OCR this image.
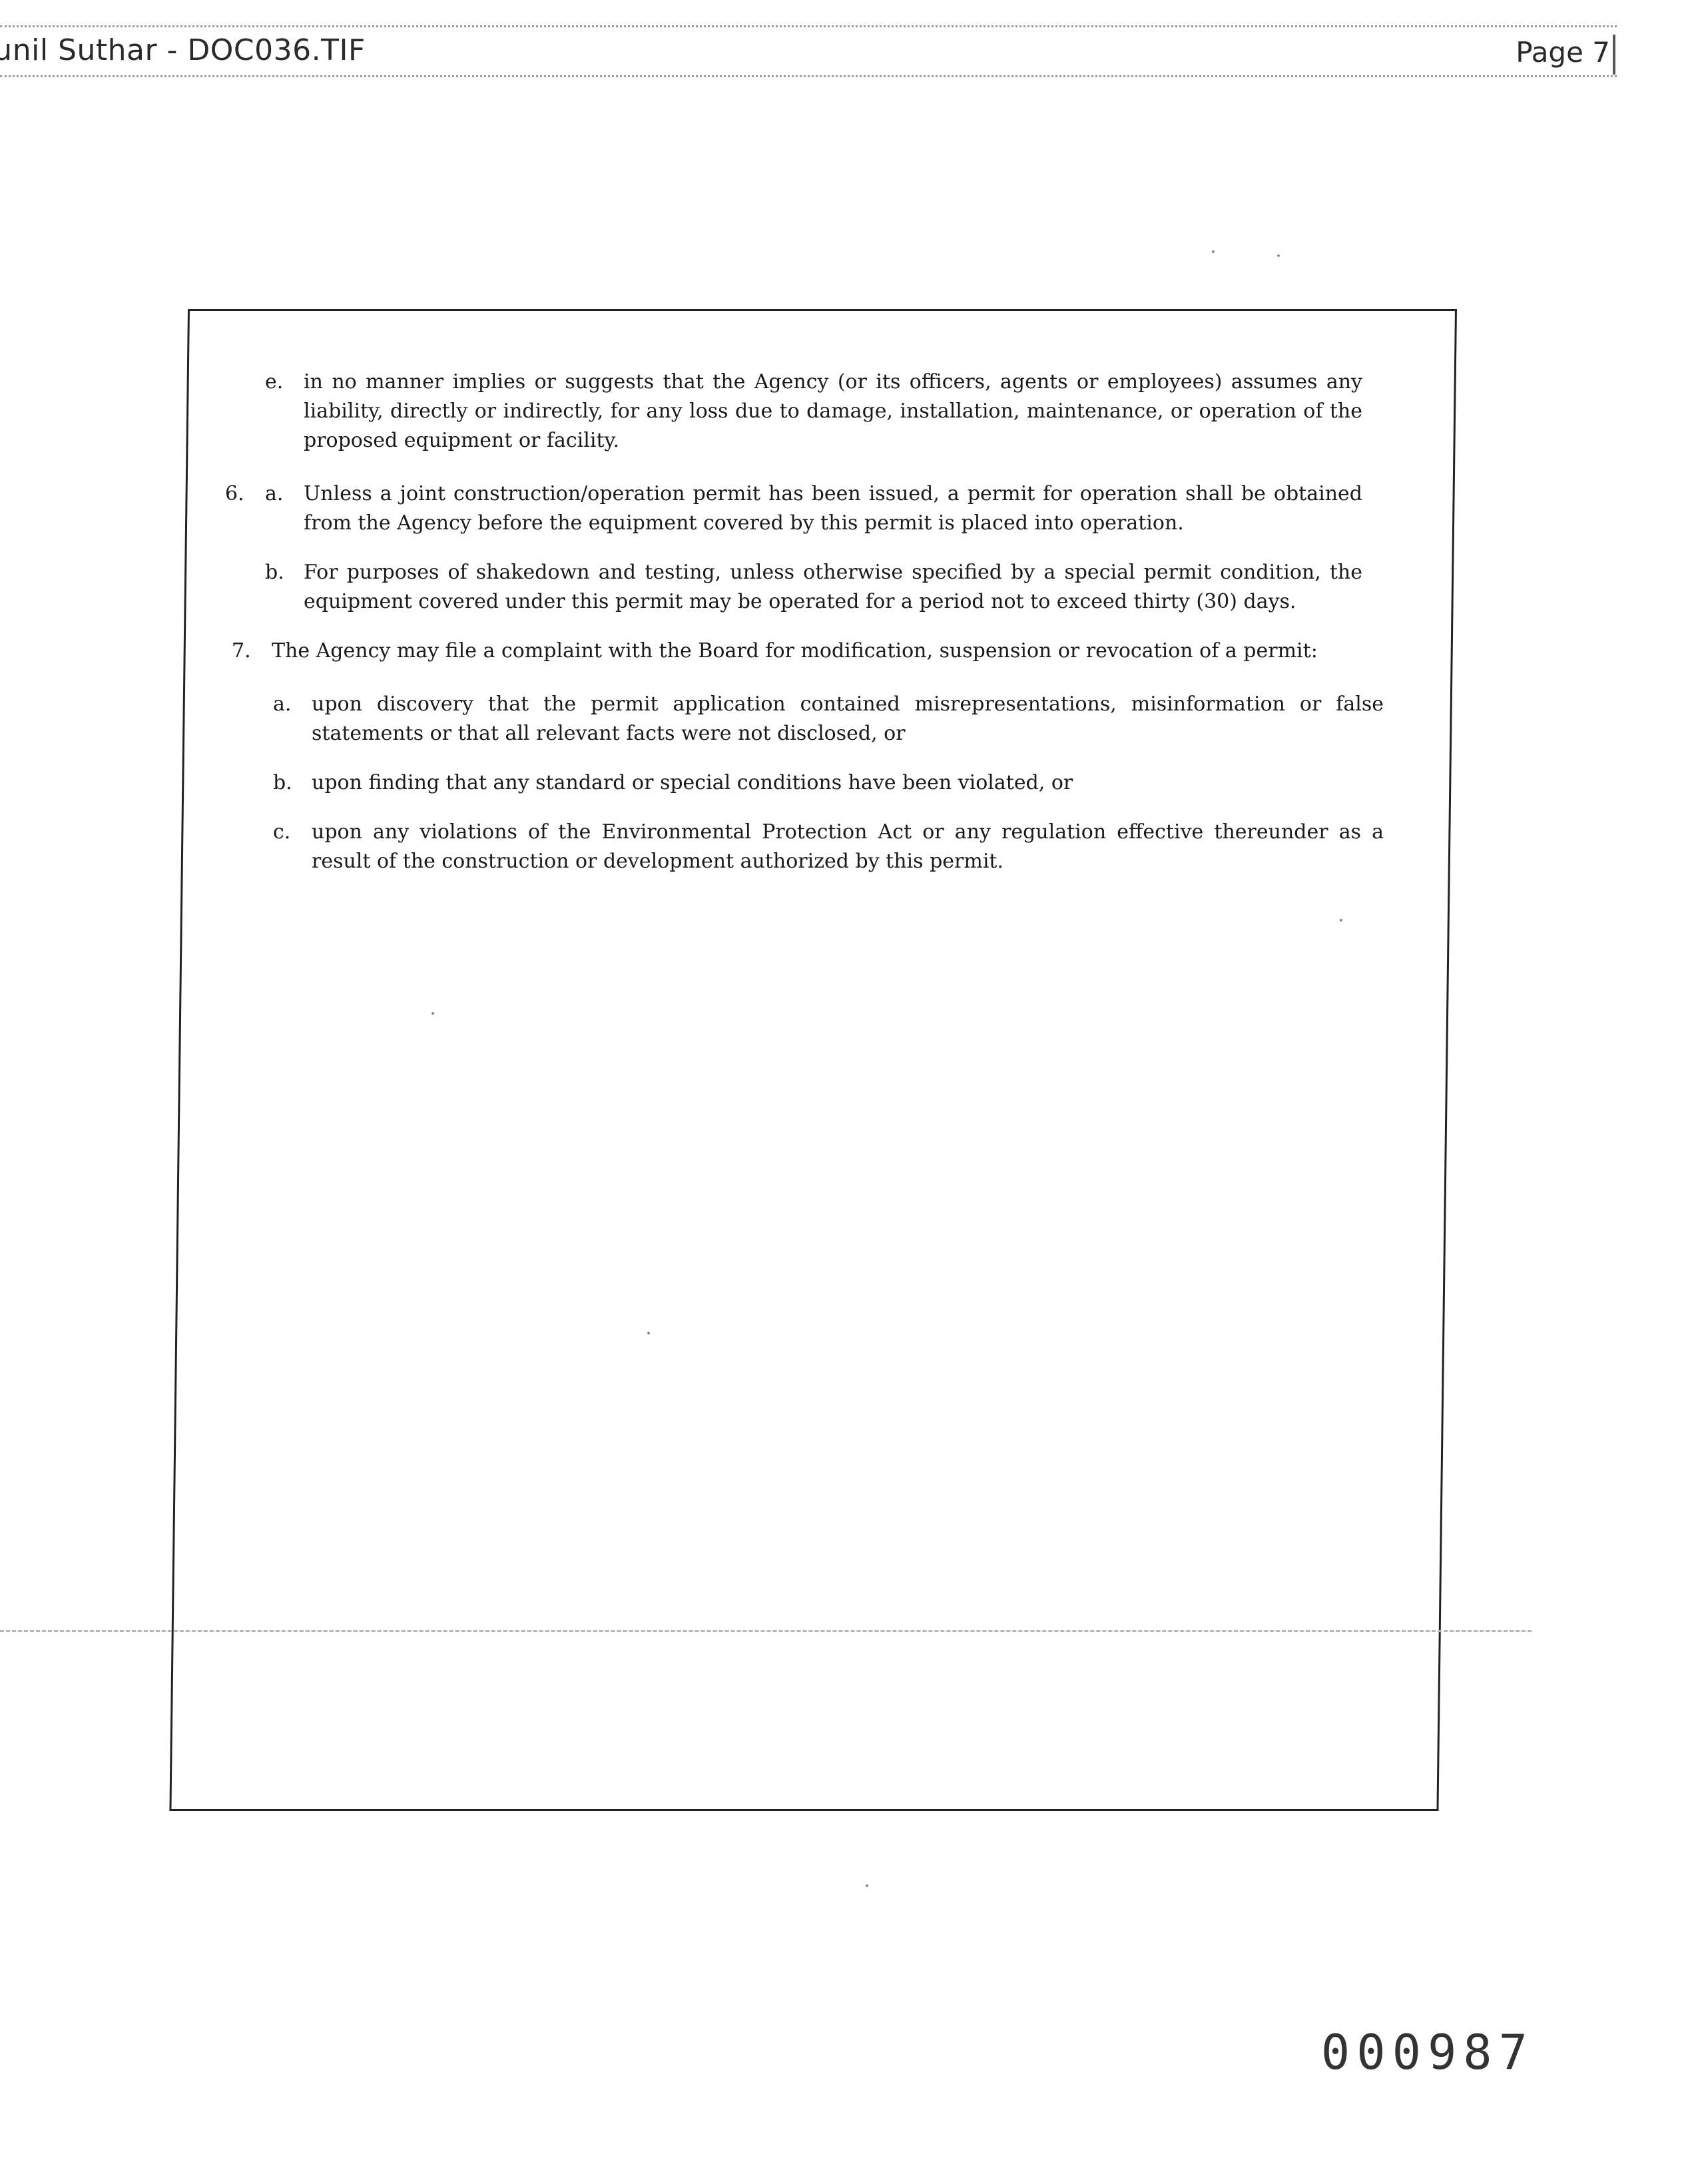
ɹnil Suthar - DOC036.TIF	Page 7
e. in no manner implies or suggests that the Agency (or its officers, agents or employees) assumes any liability, directly or indirectly, for any loss due to damage, installation, maintenance, or operation of the proposed equipment or facility.
6. a. Unless a joint construction/operation permit has been issued, a permit for operation shall be obtained from the Agency before the equipment covered by this permit is placed into operation.
b. For purposes of shakedown and testing, unless otherwise specified by a special permit condition, the equipment covered under this permit may be operated for a period not to exceed thirty (30) days.
7. The Agency may file a complaint with the Board for modification, suspension or revocation of a permit:
a. upon discovery that the permit application contained misrepresentations, misinformation or false statements or that all relevant facts were not disclosed, or
b. upon finding that any standard or special conditions have been violated, or
c. upon any violations of the Environmental Protection Act or any regulation effective thereunder as a result of the construction or development authorized by this permit.
000987
